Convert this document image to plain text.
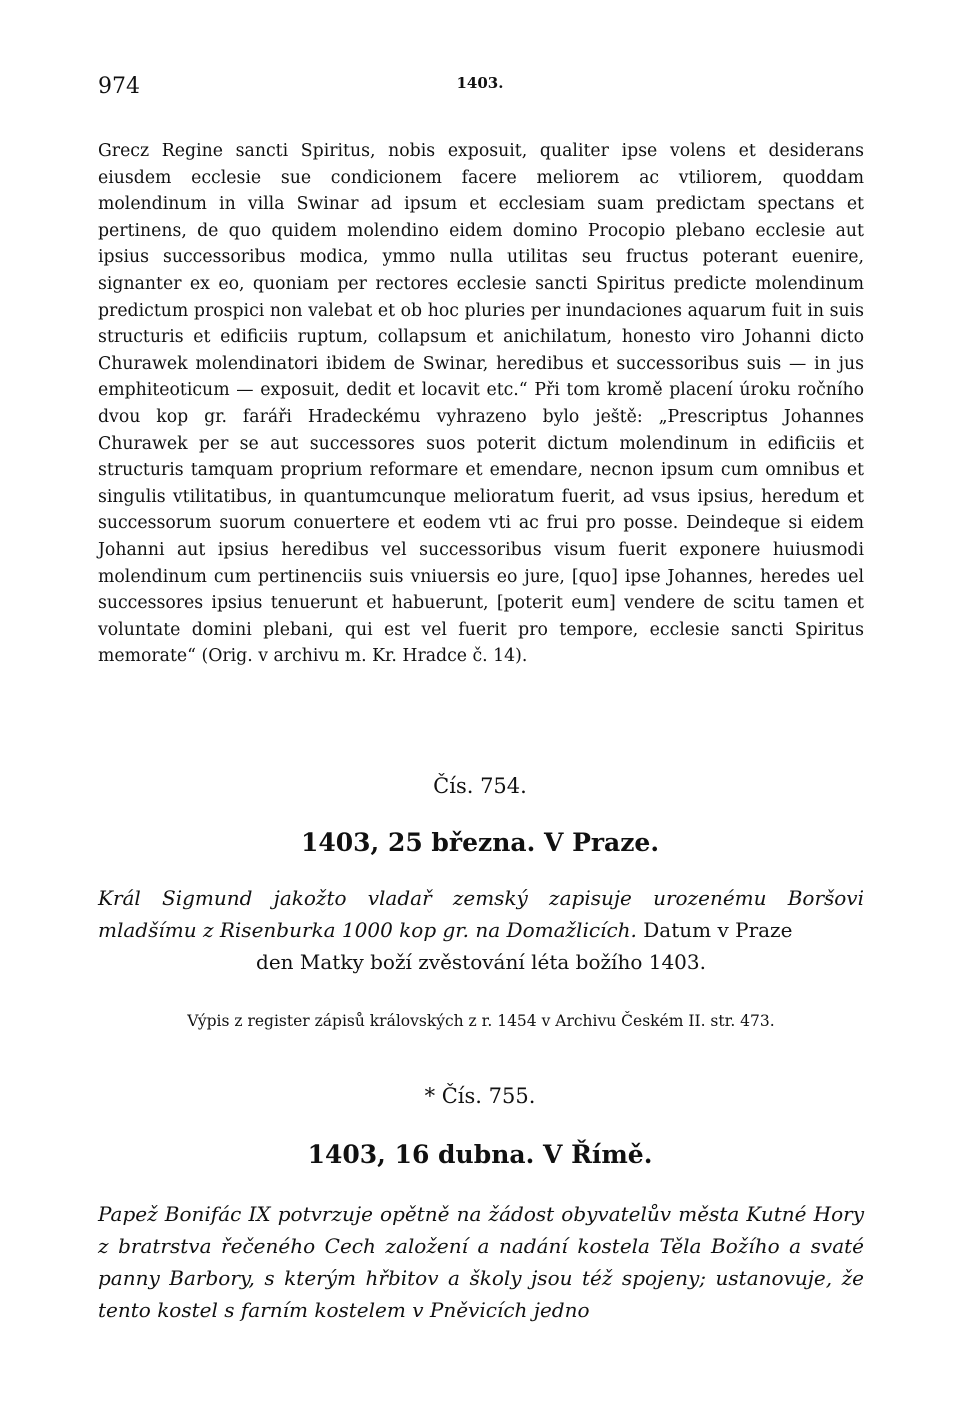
974	1403.

Grecz Regine sancti Spiritus, nobis exposuit, qualiter ipse volens et desiderans eiusdem ecclesie sue condicionem facere meliorem ac vtiliorem, quoddam molendinum in villa Swinar ad ipsum et ecclesiam suam predictam spectans et pertinens, de quo quidem molendino eidem domino Procopio plebano ecclesie aut ipsius successoribus modica, ymmo nulla utilitas seu fructus poterant euenire, signanter ex eo, quoniam per rectores ecclesie sancti Spiritus predicte molendinum predictum prospici non valebat et ob hoc pluries per inundaciones aquarum fuit in suis structuris et edificiis ruptum, collapsum et anichilatum, honesto viro Johanni dicto Churawek molendinatori ibidem de Swinar, heredibus et successoribus suis — in jus emphiteoticum — exposuit, dedit et locavit etc.“ Při tom kromě placení úroku ročního dvou kop gr. faráři Hradeckému vyhrazeno bylo ještě: „Prescriptus Johannes Churawek per se aut successores suos poterit dictum molendinum in edificiis et structuris tamquam proprium reformare et emendare, necnon ipsum cum omnibus et singulis vtilitatibus, in quantumcunque melioratum fuerit, ad vsus ipsius, heredum et successorum suorum conuertere et eodem vti ac frui pro posse. Deindeque si eidem Johanni aut ipsius heredibus vel successoribus visum fuerit exponere huiusmodi molendinum cum pertinenciis suis vniuersis eo jure, [quo] ipse Johannes, heredes uel successores ipsius tenuerunt et habuerunt, [poterit eum] vendere de scitu tamen et voluntate domini plebani, qui est vel fuerit pro tempore, ecclesie sancti Spiritus memorate“ (Orig. v archivu m. Kr. Hradce č. 14).

Čís. 754.
1403, 25 března. V Praze.

Král Sigmund jakožto vladař zemský zapisuje urozenému Boršovi mladšímu z Risenburka 1000 kop gr. na Domažlicích. Datum v Praze
den Matky boží zvěstování léta božího 1403.

Výpis z register zápisů královských z r. 1454 v Archivu Českém II. str. 473.

* Čís. 755.
1403, 16 dubna. V Římě.

Papež Bonifác IX potvrzuje opětně na žádost obyvatelův města Kutné Hory z bratrstva řečeného Cech založení a nadání kostela Těla Božího a svaté panny Barbory, s kterým hřbitov a školy jsou též spojeny; ustanovuje, že tento kostel s farním kostelem v Pněvicích jedno
